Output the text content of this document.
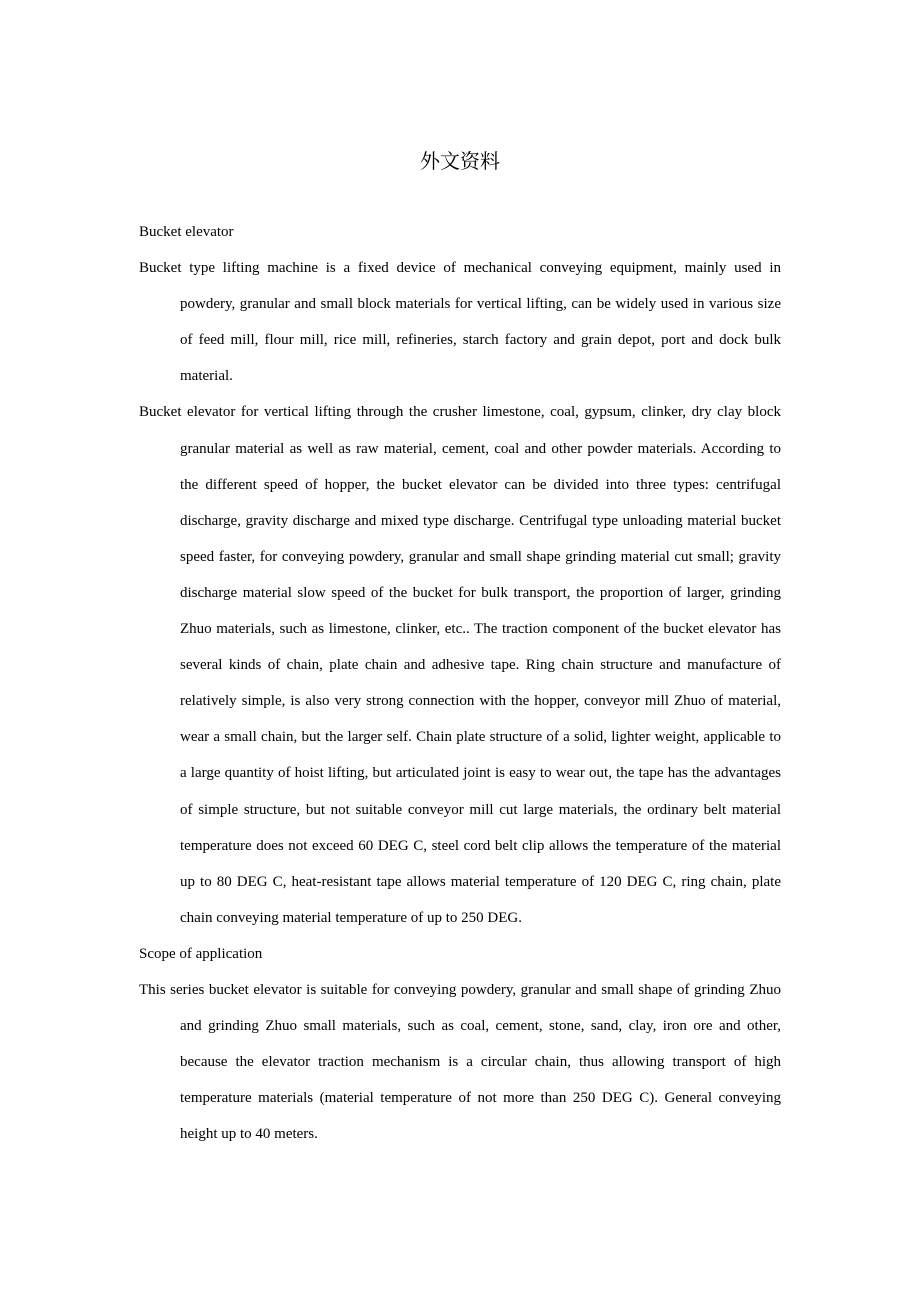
外文资料

Bucket elevator

Bucket type lifting machine is a fixed device of mechanical conveying equipment, mainly used in powdery, granular and small block materials for vertical lifting, can be widely used in various size of feed mill, flour mill, rice mill, refineries, starch factory and grain depot, port and dock bulk material.

Bucket elevator for vertical lifting through the crusher limestone, coal, gypsum, clinker, dry clay block granular material as well as raw material, cement, coal and other powder materials. According to the different speed of hopper, the bucket elevator can be divided into three types: centrifugal discharge, gravity discharge and mixed type discharge. Centrifugal type unloading material bucket speed faster, for conveying powdery, granular and small shape grinding material cut small; gravity discharge material slow speed of the bucket for bulk transport, the proportion of larger, grinding Zhuo materials, such as limestone, clinker, etc.. The traction component of the bucket elevator has several kinds of chain, plate chain and adhesive tape. Ring chain structure and manufacture of relatively simple, is also very strong connection with the hopper, conveyor mill Zhuo of material, wear a small chain, but the larger self. Chain plate structure of a solid, lighter weight, applicable to a large quantity of hoist lifting, but articulated joint is easy to wear out, the tape has the advantages of simple structure, but not suitable conveyor mill cut large materials, the ordinary belt material temperature does not exceed 60 DEG C, steel cord belt clip allows the temperature of the material up to 80 DEG C, heat-resistant tape allows material temperature of 120 DEG C, ring chain, plate chain conveying material temperature of up to 250 DEG.

Scope of application

This series bucket elevator is suitable for conveying powdery, granular and small shape of grinding Zhuo and grinding Zhuo small materials, such as coal, cement, stone, sand, clay, iron ore and other, because the elevator traction mechanism is a circular chain, thus allowing transport of high temperature materials (material temperature of not more than 250 DEG C). General conveying height up to 40 meters.
